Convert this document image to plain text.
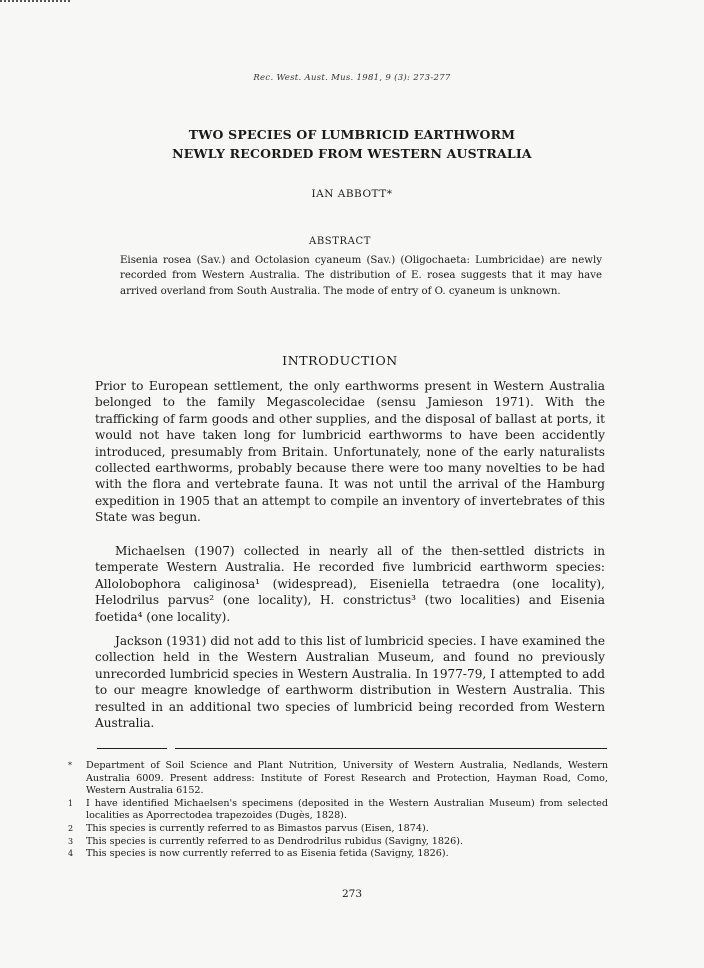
Rec. West. Aust. Mus. 1981, 9 (3): 273-277
TWO SPECIES OF LUMBRICID EARTHWORM
NEWLY RECORDED FROM WESTERN AUSTRALIA
IAN ABBOTT*
ABSTRACT
Eisenia rosea (Sav.) and Octolasion cyaneum (Sav.) (Oligochaeta: Lumbricidae) are newly recorded from Western Australia. The distribution of E. rosea suggests that it may have arrived overland from South Australia. The mode of entry of O. cyaneum is unknown.
INTRODUCTION
Prior to European settlement, the only earthworms present in Western Australia belonged to the family Megascolecidae (sensu Jamieson 1971). With the trafficking of farm goods and other supplies, and the disposal of ballast at ports, it would not have taken long for lumbricid earthworms to have been accidently introduced, presumably from Britain. Unfortunately, none of the early naturalists collected earthworms, probably because there were too many novelties to be had with the flora and vertebrate fauna. It was not until the arrival of the Hamburg expedition in 1905 that an attempt to compile an inventory of invertebrates of this State was begun.
Michaelsen (1907) collected in nearly all of the then-settled districts in temperate Western Australia. He recorded five lumbricid earthworm species: Allolobophora caliginosa¹ (widespread), Eiseniella tetraedra (one locality), Helodrilus parvus² (one locality), H. constrictus³ (two localities) and Eisenia foetida⁴ (one locality).
Jackson (1931) did not add to this list of lumbricid species. I have examined the collection held in the Western Australian Museum, and found no previously unrecorded lumbricid species in Western Australia. In 1977-79, I attempted to add to our meagre knowledge of earthworm distribution in Western Australia. This resulted in an additional two species of lumbricid being recorded from Western Australia.
*	Department of Soil Science and Plant Nutrition, University of Western Australia, Nedlands, Western Australia 6009. Present address: Institute of Forest Research and Protection, Hayman Road, Como, Western Australia 6152.
1	I have identified Michaelsen's specimens (deposited in the Western Australian Museum) from selected localities as Aporrectodea trapezoides (Dugès, 1828).
2	This species is currently referred to as Bimastos parvus (Eisen, 1874).
3	This species is currently referred to as Dendrodrilus rubidus (Savigny, 1826).
4	This species is now currently referred to as Eisenia fetida (Savigny, 1826).
273
